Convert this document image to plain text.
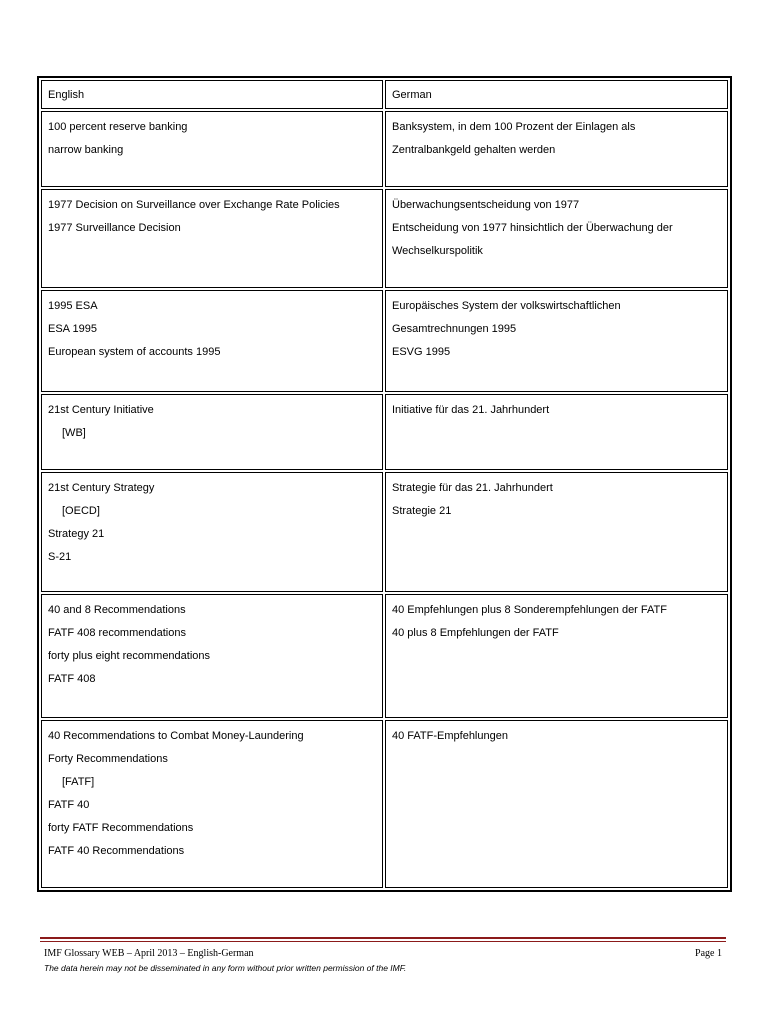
English	German
100 percent reserve banking
narrow banking
Banksystem, in dem 100 Prozent der Einlagen als
Zentralbankgeld gehalten werden
1977 Decision on Surveillance over Exchange Rate Policies
1977 Surveillance Decision
Überwachungsentscheidung von 1977
Entscheidung von 1977 hinsichtlich der Überwachung der
Wechselkurspolitik
1995 ESA
ESA 1995
European system of accounts 1995
Europäisches System der volkswirtschaftlichen
Gesamtrechnungen 1995
ESVG 1995
21st Century Initiative
[WB]
Initiative für das 21. Jahrhundert
21st Century Strategy
[OECD]
Strategy 21
S-21
Strategie für das 21. Jahrhundert
Strategie 21
40 and 8 Recommendations
FATF 408 recommendations
forty plus eight recommendations
FATF 408
40 Empfehlungen plus 8 Sonderempfehlungen der FATF
40 plus 8 Empfehlungen der FATF
40 Recommendations to Combat Money-Laundering
Forty Recommendations
[FATF]
FATF 40
forty FATF Recommendations
FATF 40 Recommendations
40 FATF-Empfehlungen
IMF Glossary WEB – April 2013 – English-German	Page 1
The data herein may not be disseminated in any form without prior written permission of the IMF.
